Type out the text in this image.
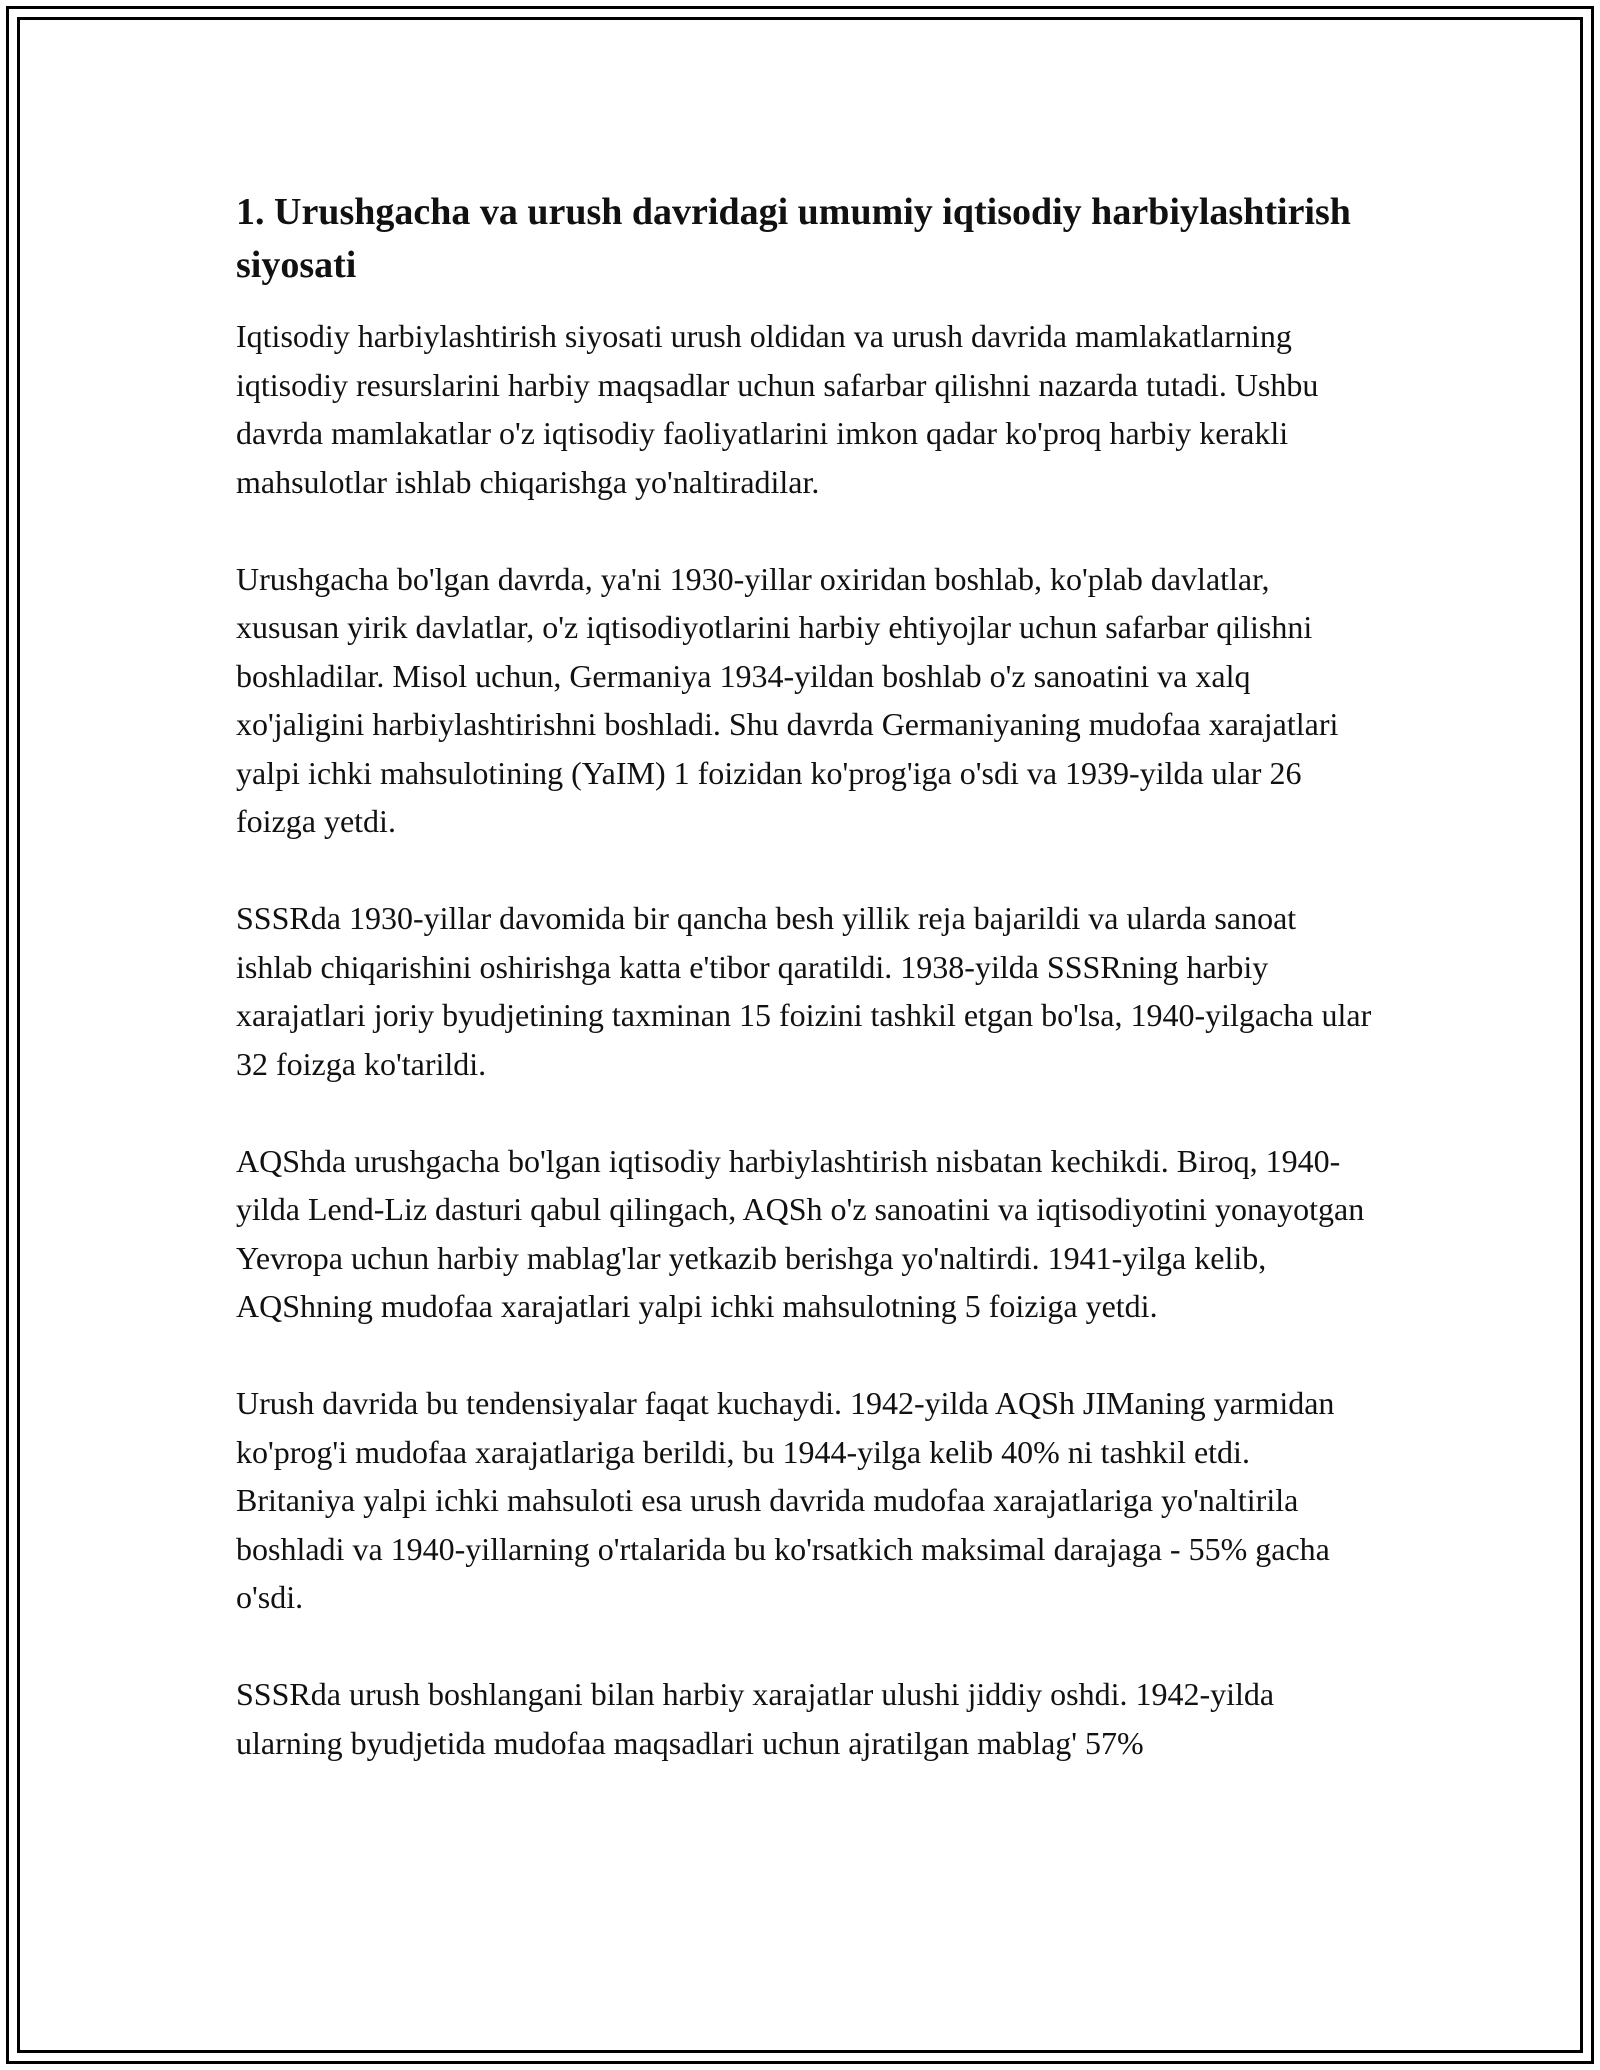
1. Urushgacha va urush davridagi umumiy iqtisodiy harbiylashtirish siyosati

Iqtisodiy harbiylashtirish siyosati urush oldidan va urush davrida mamlakatlarning iqtisodiy resurslarini harbiy maqsadlar uchun safarbar qilishni nazarda tutadi. Ushbu davrda mamlakatlar o'z iqtisodiy faoliyatlarini imkon qadar ko'proq harbiy kerakli mahsulotlar ishlab chiqarishga yo'naltiradilar.

Urushgacha bo'lgan davrda, ya'ni 1930-yillar oxiridan boshlab, ko'plab davlatlar, xususan yirik davlatlar, o'z iqtisodiyotlarini harbiy ehtiyojlar uchun safarbar qilishni boshladilar. Misol uchun, Germaniya 1934-yildan boshlab o'z sanoatini va xalq xo'jaligini harbiylashtirishni boshladi. Shu davrda Germaniyaning mudofaa xarajatlari yalpi ichki mahsulotining (YaIM) 1 foizidan ko'prog'iga o'sdi va 1939-yilda ular 26 foizga yetdi.

SSSRda 1930-yillar davomida bir qancha besh yillik reja bajarildi va ularda sanoat ishlab chiqarishini oshirishga katta e'tibor qaratildi. 1938-yilda SSSRning harbiy xarajatlari joriy byudjetining taxminan 15 foizini tashkil etgan bo'lsa, 1940-yilgacha ular 32 foizga ko'tarildi.

AQShda urushgacha bo'lgan iqtisodiy harbiylashtirish nisbatan kechikdi. Biroq, 1940-yilda Lend-Liz dasturi qabul qilingach, AQSh o'z sanoatini va iqtisodiyotini yonayotgan Yevropa uchun harbiy mablag'lar yetkazib berishga yo'naltirdi. 1941-yilga kelib, AQShning mudofaa xarajatlari yalpi ichki mahsulotning 5 foiziga yetdi.

Urush davrida bu tendensiyalar faqat kuchaydi. 1942-yilda AQSh JIManing yarmidan ko'prog'i mudofaa xarajatlariga berildi, bu 1944-yilga kelib 40% ni tashkil etdi. Britaniya yalpi ichki mahsuloti esa urush davrida mudofaa xarajatlariga yo'naltirila boshladi va 1940-yillarning o'rtalarida bu ko'rsatkich maksimal darajaga - 55% gacha o'sdi.

SSSRda urush boshlangani bilan harbiy xarajatlar ulushi jiddiy oshdi. 1942-yilda ularning byudjetida mudofaa maqsadlari uchun ajratilgan mablag' 57%
